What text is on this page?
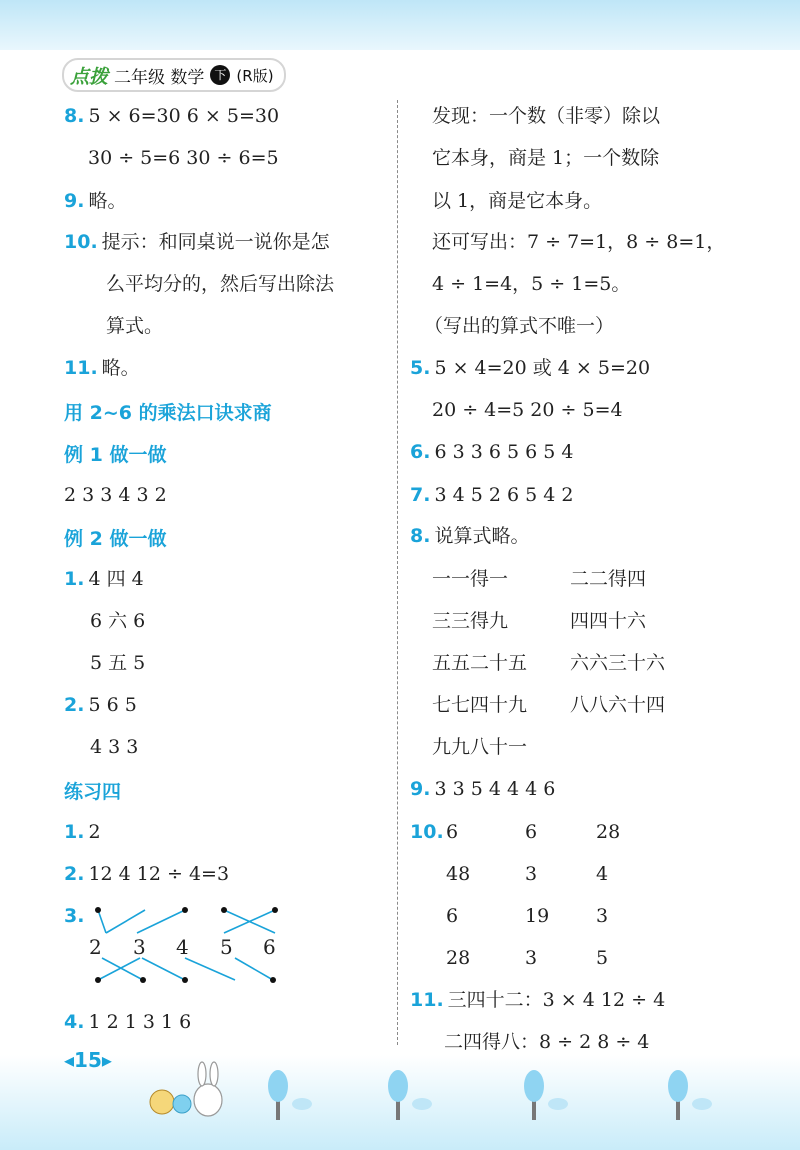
点拨 二年级 数学 下 (R版)
8. 5 × 6=30 6 × 5=30
30 ÷ 5=6 30 ÷ 6=5
9. 略。
10. 提示：和同桌说一说你是怎
么平均分的，然后写出除法
算式。
11. 略。
用 2~6 的乘法口诀求商
例 1 做一做
2 3 3 4 3 2
例 2 做一做
1. 4 四 4
6 六 6
5 五 5
2. 5 6 5
4 3 3
练习四
1. 2
2. 12 4 12 ÷ 4=3
3.
2 3 4 5 6
4. 1 2 1 3 1 6
发现：一个数（非零）除以
它本身，商是 1；一个数除
以 1，商是它本身。
还可写出：7 ÷ 7=1，8 ÷ 8=1，
4 ÷ 1=4，5 ÷ 1=5。
（写出的算式不唯一）
5. 5 × 4=20 或 4 × 5=20
20 ÷ 4=5 20 ÷ 5=4
6. 6 3 3 6 5 6 5 4
7. 3 4 5 2 6 5 4 2
8. 说算式略。
一一得一	二二得四
三三得九	四四十六
五五二十五 六六三十六
七七四十九 八八六十四
九九八十一
9. 3 3 5 4 4 4 6
10. 6	6	28
48	3	4
6	19 3
28	3	5
11. 三四十二：3 × 4 12 ÷ 4
二四得八：8 ÷ 2 8 ÷ 4
◂15▸
